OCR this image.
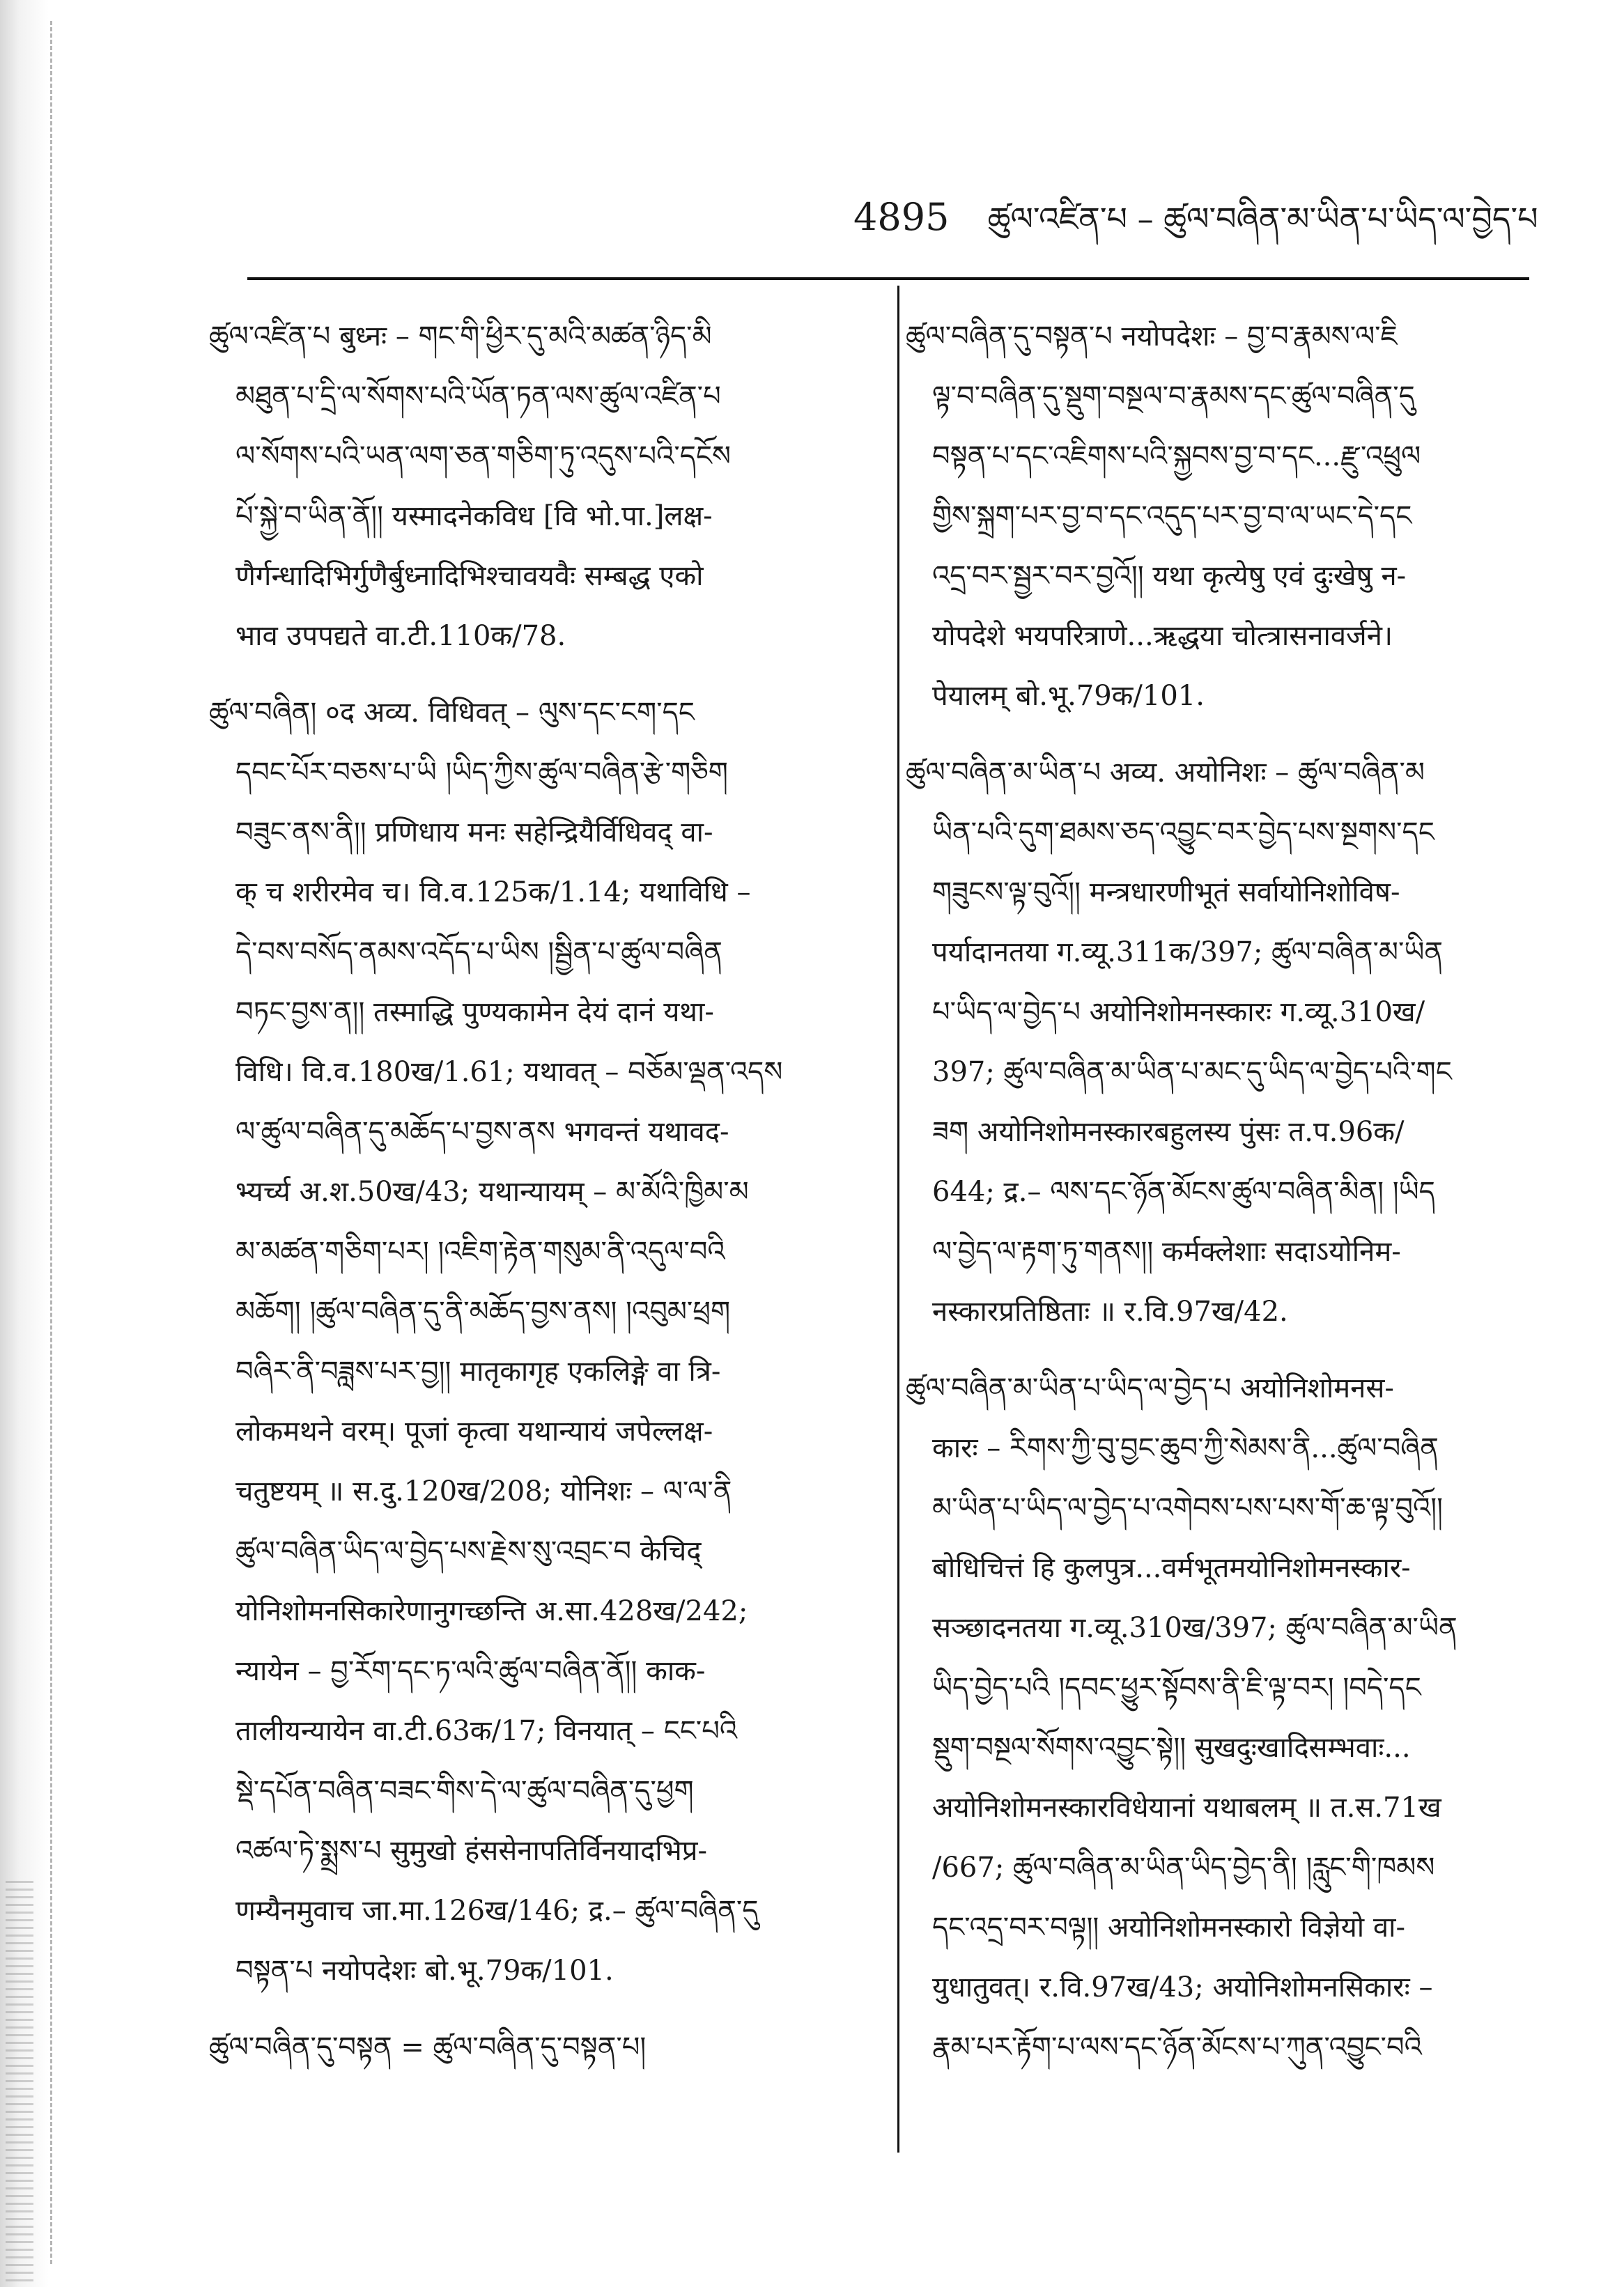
4895 ཚུལ་འཛིན་པ – ཚུལ་བཞིན་མ་ཡིན་པ་ཡིད་ལ་བྱེད་པ
ཚུལ་འཛིན་པ बुध्नः – གང་གི་ཕྱིར་དུ་མའི་མཚན་ཉིད་མི
མཐུན་པ་དྲི་ལ་སོགས་པའི་ཡོན་ཏན་ལས་ཚུལ་འཛིན་པ
ལ་སོགས་པའི་ཡན་ལག་ཅན་གཅིག་ཏུ་འདུས་པའི་དངོས
པོ་སྐྱེ་བ་ཡིན་ནོ།། यस्मादनेकविध [वि भो.पा.]लक्ष-
णैर्गन्धादिभिर्गुणैर्बुध्नादिभिश्चावयवैः सम्बद्ध एको
भाव उपपद्यते वा.टी.110क/78.
ཚུལ་བཞིན། ०द अव्य. विधिवत् – ལུས་དང་ངག་དང
དབང་པོར་བཅས་པ་ཡི །ཡིད་ཀྱིས་ཚུལ་བཞིན་རྩེ་གཅིག
བཟུང་ནས་ནི།། प्रणिधाय मनः सहेन्द्रियैर्विधिवद् वा-
क् च शरीरमेव च। वि.व.125क/1.14; यथाविधि –
དེ་བས་བསོད་ནམས་འདོད་པ་ཡིས །སྦྱིན་པ་ཚུལ་བཞིན
བཏང་བྱས་ན།། तस्माद्धि पुण्यकामेन देयं दानं यथा-
विधि। वि.व.180ख/1.61; यथावत् – བཅོམ་ལྡན་འདས
ལ་ཚུལ་བཞིན་དུ་མཆོད་པ་བྱས་ནས भगवन्तं यथावद-
भ्यर्च्य अ.श.50ख/43; यथान्यायम् – མ་མོའི་ཁྱིམ་མ
མ་མཚན་གཅིག་པར། །འཇིག་རྟེན་གསུམ་ནི་འདུལ་བའི
མཆོག། །ཚུལ་བཞིན་དུ་ནི་མཆོད་བྱས་ནས། །འབུམ་ཕྲག
བཞིར་ནི་བཟླས་པར་བྱ།། मातृकागृह एकलिङ्गे वा त्रि-
लोकमथने वरम्। पूजां कृत्वा यथान्यायं जपेल्लक्ष-
चतुष्टयम् ॥ स.दु.120ख/208; योनिशः – ལ་ལ་ནི
ཚུལ་བཞིན་ཡིད་ལ་བྱེད་པས་རྗེས་སུ་འབྲང་བ केचिद्
योनिशोमनसिकारेणानुगच्छन्ति अ.सा.428ख/242;
न्यायेन – བྱ་རོག་དང་ཏ་ལའི་ཚུལ་བཞིན་ནོ།། काक-
तालीयन्यायेन वा.टी.63क/17; विनयात् – ངང་པའི
སྡེ་དཔོན་བཞིན་བཟང་གིས་དེ་ལ་ཚུལ་བཞིན་དུ་ཕྱག
འཚལ་ཏེ་སྨྲས་པ सुमुखो हंससेनापतिर्विनयादभिप्र-
णम्यैनमुवाच जा.मा.126ख/146; द्र.– ཚུལ་བཞིན་དུ
བསྟན་པ नयोपदेशः बो.भू.79क/101.
ཚུལ་བཞིན་དུ་བསྟན = ཚུལ་བཞིན་དུ་བསྟན་པ།
ཚུལ་བཞིན་དུ་བསྟན་པ नयोपदेशः – བྱ་བ་རྣམས་ལ་ཇི
ལྟ་བ་བཞིན་དུ་སྡུག་བསྔལ་བ་རྣམས་དང་ཚུལ་བཞིན་དུ
བསྟན་པ་དང་འཇིགས་པའི་སྐྱབས་བྱ་བ་དང...རྫུ་འཕྲུལ
གྱིས་སྐྲག་པར་བྱ་བ་དང་འདུད་པར་བྱ་བ་ལ་ཡང་དེ་དང
འདྲ་བར་སྦྱར་བར་བྱའོ།། यथा कृत्येषु एवं दुःखेषु न-
योपदेशे भयपरित्राणे...ऋद्धया चोत्त्रासनावर्जने।
पेयालम् बो.भू.79क/101.
ཚུལ་བཞིན་མ་ཡིན་པ अव्य. अयोनिशः – ཚུལ་བཞིན་མ
ཡིན་པའི་དུག་ཐམས་ཅད་འབྱུང་བར་བྱེད་པས་སྔགས་དང
གཟུངས་ལྟ་བུའོ།། मन्त्रधारणीभूतं सर्वायोनिशोविष-
पर्यादानतया ग.व्यू.311क/397; ཚུལ་བཞིན་མ་ཡིན
པ་ཡིད་ལ་བྱེད་པ अयोनिशोमनस्कारः ग.व्यू.310ख/
397; ཚུལ་བཞིན་མ་ཡིན་པ་མང་དུ་ཡིད་ལ་བྱེད་པའི་གང
ཟག अयोनिशोमनस्कारबहुलस्य पुंसः त.प.96क/
644; द्र.– ལས་དང་ཉོན་མོངས་ཚུལ་བཞིན་མིན། །ཡིད
ལ་བྱེད་ལ་རྟག་ཏུ་གནས།། कर्मक्लेशाः सदाऽयोनिम-
नस्कारप्रतिष्ठिताः ॥ र.वि.97ख/42.
ཚུལ་བཞིན་མ་ཡིན་པ་ཡིད་ལ་བྱེད་པ अयोनिशोमनस-
कारः – རིགས་ཀྱི་བུ་བྱང་ཆུབ་ཀྱི་སེམས་ནི...ཚུལ་བཞིན
མ་ཡིན་པ་ཡིད་ལ་བྱེད་པ་འགེབས་པས་པས་གོ་ཆ་ལྟ་བུའོ།།
बोधिचित्तं हि कुलपुत्र...वर्मभूतमयोनिशोमनस्कार-
सञ्छादनतया ग.व्यू.310ख/397; ཚུལ་བཞིན་མ་ཡིན
ཡིད་བྱེད་པའི །དབང་ཕྱུར་སྟོབས་ནི་ཇི་ལྟ་བར། །བདེ་དང
སྡུག་བསྔལ་སོགས་འབྱུང་སྟེ།། सुखदुःखादिसम्भवाः...
अयोनिशोमनस्कारविधेयानां यथाबलम् ॥ त.स.71ख
/667; ཚུལ་བཞིན་མ་ཡིན་ཡིད་བྱེད་ནི། །རླུང་གི་ཁམས
དང་འདྲ་བར་བལྟ།། अयोनिशोमनस्कारो विज्ञेयो वा-
युधातुवत्। र.वि.97ख/43; अयोनिशोमनसिकारः –
རྣམ་པར་རྟོག་པ་ལས་དང་ཉོན་མོངས་པ་ཀུན་འབྱུང་བའི
